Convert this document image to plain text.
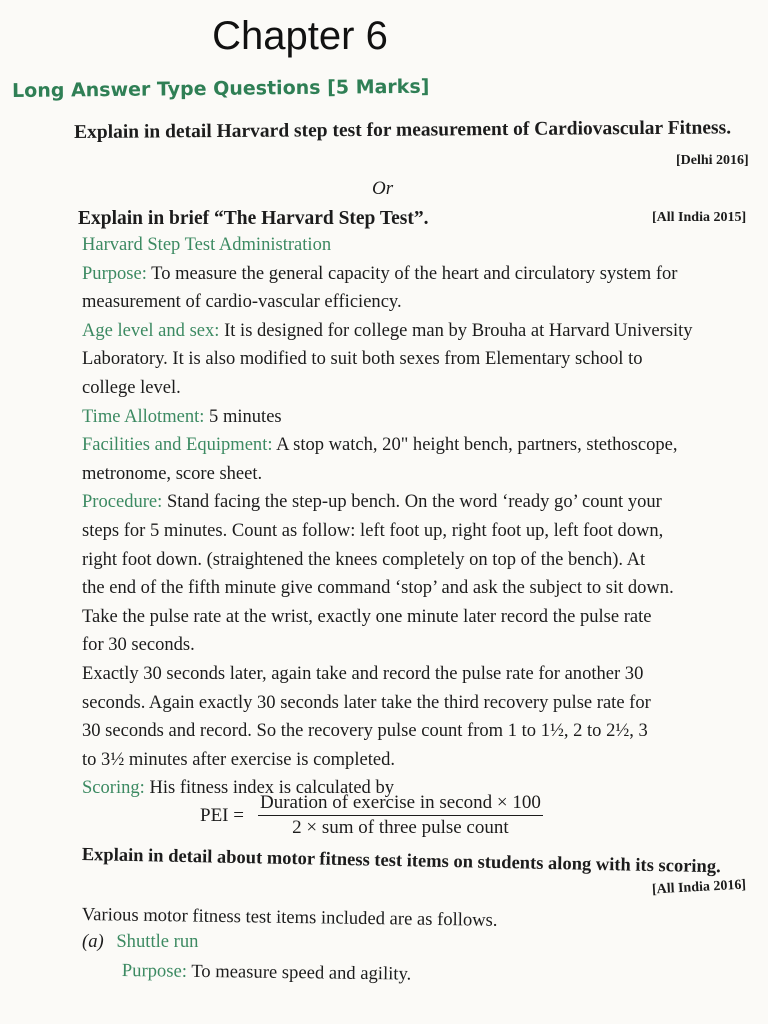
Chapter 6
Long Answer Type Questions [5 Marks]
Explain in detail Harvard step test for measurement of Cardiovascular Fitness.
[Delhi 2016]
Or
Explain in brief “The Harvard Step Test”.	[All India 2015]
Harvard Step Test Administration
Purpose: To measure the general capacity of the heart and circulatory system for
measurement of cardio-vascular efficiency.
Age level and sex: It is designed for college man by Brouha at Harvard University
Laboratory. It is also modified to suit both sexes from Elementary school to
college level.
Time Allotment: 5 minutes
Facilities and Equipment: A stop watch, 20" height bench, partners, stethoscope,
metronome, score sheet.
Procedure: Stand facing the step-up bench. On the word ‘ready go’ count your
steps for 5 minutes. Count as follow: left foot up, right foot up, left foot down,
right foot down. (straightened the knees completely on top of the bench). At
the end of the fifth minute give command ‘stop’ and ask the subject to sit down.
Take the pulse rate at the wrist, exactly one minute later record the pulse rate
for 30 seconds.
Exactly 30 seconds later, again take and record the pulse rate for another 30
seconds. Again exactly 30 seconds later take the third recovery pulse rate for
30 seconds and record. So the recovery pulse count from 1 to 1½, 2 to 2½, 3
to 3½ minutes after exercise is completed.
Scoring: His fitness index is calculated by
PEI = $\frac{\text{Duration of exercise in second × 100}}{\text{2 × sum of three pulse count}}$
Explain in detail about motor fitness test items on students along with its scoring.
[All India 2016]
Various motor fitness test items included are as follows.
(a) Shuttle run
Purpose: To measure speed and agility.
